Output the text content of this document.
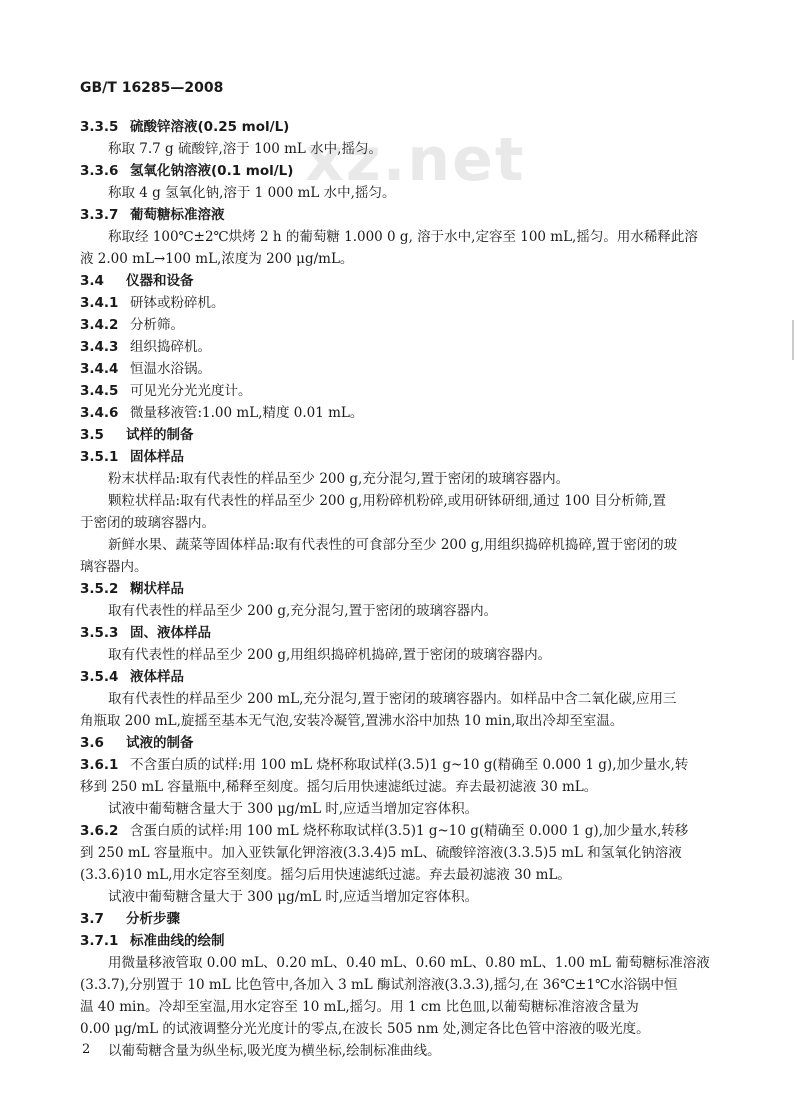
GB/T 16285—2008
xz.net
3.3.5 硫酸锌溶液(0.25 mol/L)
称取 7.7 g 硫酸锌,溶于 100 mL 水中,摇匀。
3.3.6 氢氧化钠溶液(0.1 mol/L)
称取 4 g 氢氧化钠,溶于 1 000 mL 水中,摇匀。
3.3.7 葡萄糖标准溶液
称取经 100℃±2℃烘烤 2 h 的葡萄糖 1.000 0 g, 溶于水中,定容至 100 mL,摇匀。用水稀释此溶
液 2.00 mL→100 mL,浓度为 200 μg/mL。
3.4 仪器和设备
3.4.1 研钵或粉碎机。
3.4.2 分析筛。
3.4.3 组织捣碎机。
3.4.4 恒温水浴锅。
3.4.5 可见光分光光度计。
3.4.6 微量移液管:1.00 mL,精度 0.01 mL。
3.5 试样的制备
3.5.1 固体样品
粉末状样品:取有代表性的样品至少 200 g,充分混匀,置于密闭的玻璃容器内。
颗粒状样品:取有代表性的样品至少 200 g,用粉碎机粉碎,或用研钵研细,通过 100 目分析筛,置
于密闭的玻璃容器内。
新鲜水果、蔬菜等固体样品:取有代表性的可食部分至少 200 g,用组织捣碎机捣碎,置于密闭的玻
璃容器内。
3.5.2 糊状样品
取有代表性的样品至少 200 g,充分混匀,置于密闭的玻璃容器内。
3.5.3 固、液体样品
取有代表性的样品至少 200 g,用组织捣碎机捣碎,置于密闭的玻璃容器内。
3.5.4 液体样品
取有代表性的样品至少 200 mL,充分混匀,置于密闭的玻璃容器内。如样品中含二氧化碳,应用三
角瓶取 200 mL,旋摇至基本无气泡,安装冷凝管,置沸水浴中加热 10 min,取出冷却至室温。
3.6 试液的制备
3.6.1 不含蛋白质的试样:用 100 mL 烧杯称取试样(3.5)1 g~10 g(精确至 0.000 1 g),加少量水,转
移到 250 mL 容量瓶中,稀释至刻度。摇匀后用快速滤纸过滤。弃去最初滤液 30 mL。
试液中葡萄糖含量大于 300 μg/mL 时,应适当增加定容体积。
3.6.2 含蛋白质的试样:用 100 mL 烧杯称取试样(3.5)1 g~10 g(精确至 0.000 1 g),加少量水,转移
到 250 mL 容量瓶中。加入亚铁氰化钾溶液(3.3.4)5 mL、硫酸锌溶液(3.3.5)5 mL 和氢氧化钠溶液
(3.3.6)10 mL,用水定容至刻度。摇匀后用快速滤纸过滤。弃去最初滤液 30 mL。
试液中葡萄糖含量大于 300 μg/mL 时,应适当增加定容体积。
3.7 分析步骤
3.7.1 标准曲线的绘制
用微量移液管取 0.00 mL、0.20 mL、0.40 mL、0.60 mL、0.80 mL、1.00 mL 葡萄糖标准溶液
(3.3.7),分别置于 10 mL 比色管中,各加入 3 mL 酶试剂溶液(3.3.3),摇匀,在 36℃±1℃水浴锅中恒
温 40 min。冷却至室温,用水定容至 10 mL,摇匀。用 1 cm 比色皿,以葡萄糖标准溶液含量为
0.00 μg/mL 的试液调整分光光度计的零点,在波长 505 nm 处,测定各比色管中溶液的吸光度。
以葡萄糖含量为纵坐标,吸光度为横坐标,绘制标准曲线。
2
